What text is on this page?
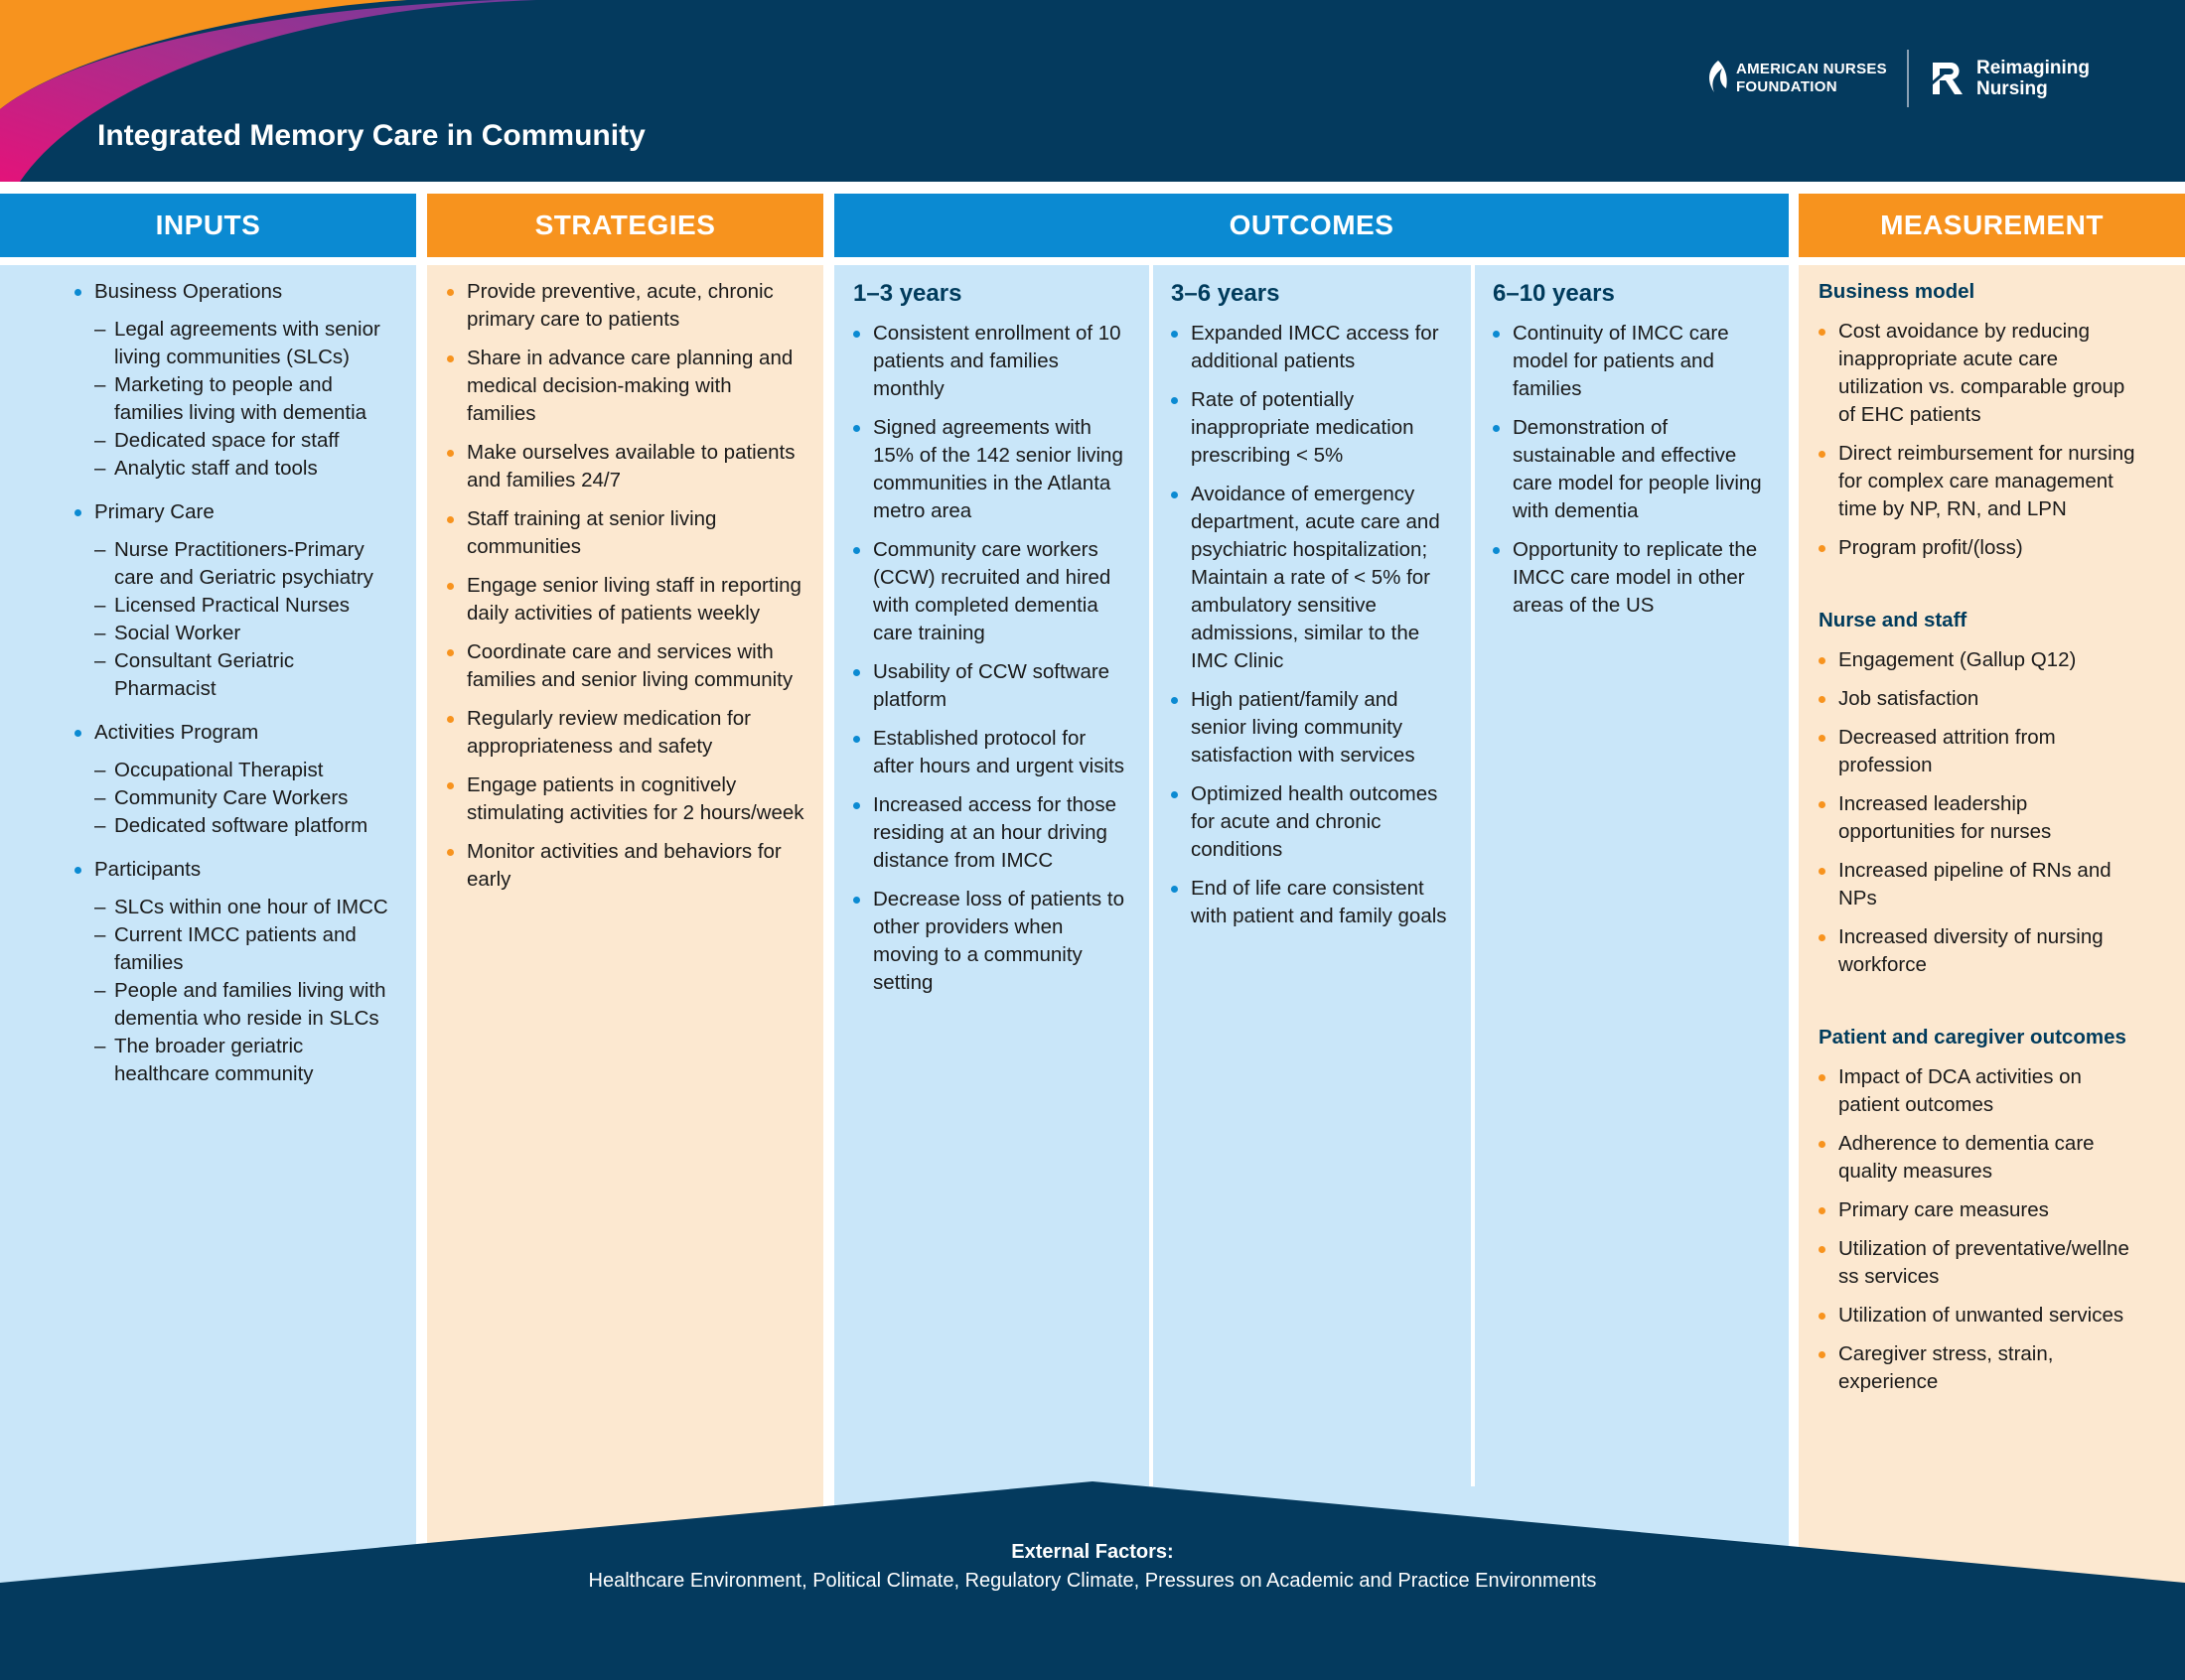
Integrated Memory Care in Community
AMERICAN NURSES
FOUNDATION
Reimagining
Nursing
INPUTS
Business Operations
– Legal agreements with senior living communities (SLCs)
– Marketing to people and families living with dementia
– Dedicated space for staff
– Analytic staff and tools
Primary Care
– Nurse Practitioners-Primary care and Geriatric psychiatry
– Licensed Practical Nurses
– Social Worker
– Consultant Geriatric Pharmacist
Activities Program
– Occupational Therapist
– Community Care Workers
– Dedicated software platform
Participants
– SLCs within one hour of IMCC
– Current IMCC patients and families
– People and families living with dementia who reside in SLCs
– The broader geriatric healthcare community
STRATEGIES
Provide preventive, acute, chronic primary care to patients
Share in advance care planning and medical decision-making with families
Make ourselves available to patients and families 24/7
Staff training at senior living communities
Engage senior living staff in reporting daily activities of patients weekly
Coordinate care and services with families and senior living community
Regularly review medication for appropriateness and safety
Engage patients in cognitively stimulating activities for 2 hours/week
Monitor activities and behaviors for early
OUTCOMES
1–3 years
Consistent enrollment of 10 patients and families monthly
Signed agreements with 15% of the 142 senior living communities in the Atlanta metro area
Community care workers (CCW) recruited and hired with completed dementia care training
Usability of CCW software platform
Established protocol for after hours and urgent visits
Increased access for those residing at an hour driving distance from IMCC
Decrease loss of patients to other providers when moving to a community setting
3–6 years
Expanded IMCC access for additional patients
Rate of potentially inappropriate medication prescribing < 5%
Avoidance of emergency department, acute care and psychiatric hospitalization; Maintain a rate of < 5% for ambulatory sensitive admissions, similar to the IMC Clinic
High patient/family and senior living community satisfaction with services
Optimized health outcomes for acute and chronic conditions
End of life care consistent with patient and family goals
6–10 years
Continuity of IMCC care model for patients and families
Demonstration of sustainable and effective care model for people living with dementia
Opportunity to replicate the IMCC care model in other areas of the US
MEASUREMENT
Business model
Cost avoidance by reducing inappropriate acute care utilization vs. comparable group of EHC patients
Direct reimbursement for nursing for complex care management time by NP, RN, and LPN
Program profit/(loss)
Nurse and staff
Engagement (Gallup Q12)
Job satisfaction
Decreased attrition from profession
Increased leadership opportunities for nurses
Increased pipeline of RNs and NPs
Increased diversity of nursing workforce
Patient and caregiver outcomes
Impact of DCA activities on patient outcomes
Adherence to dementia care quality measures
Primary care measures
Utilization of preventative/wellne ss services
Utilization of unwanted services
Caregiver stress, strain, experience
External Factors:
Healthcare Environment, Political Climate, Regulatory Climate, Pressures on Academic and Practice Environments
